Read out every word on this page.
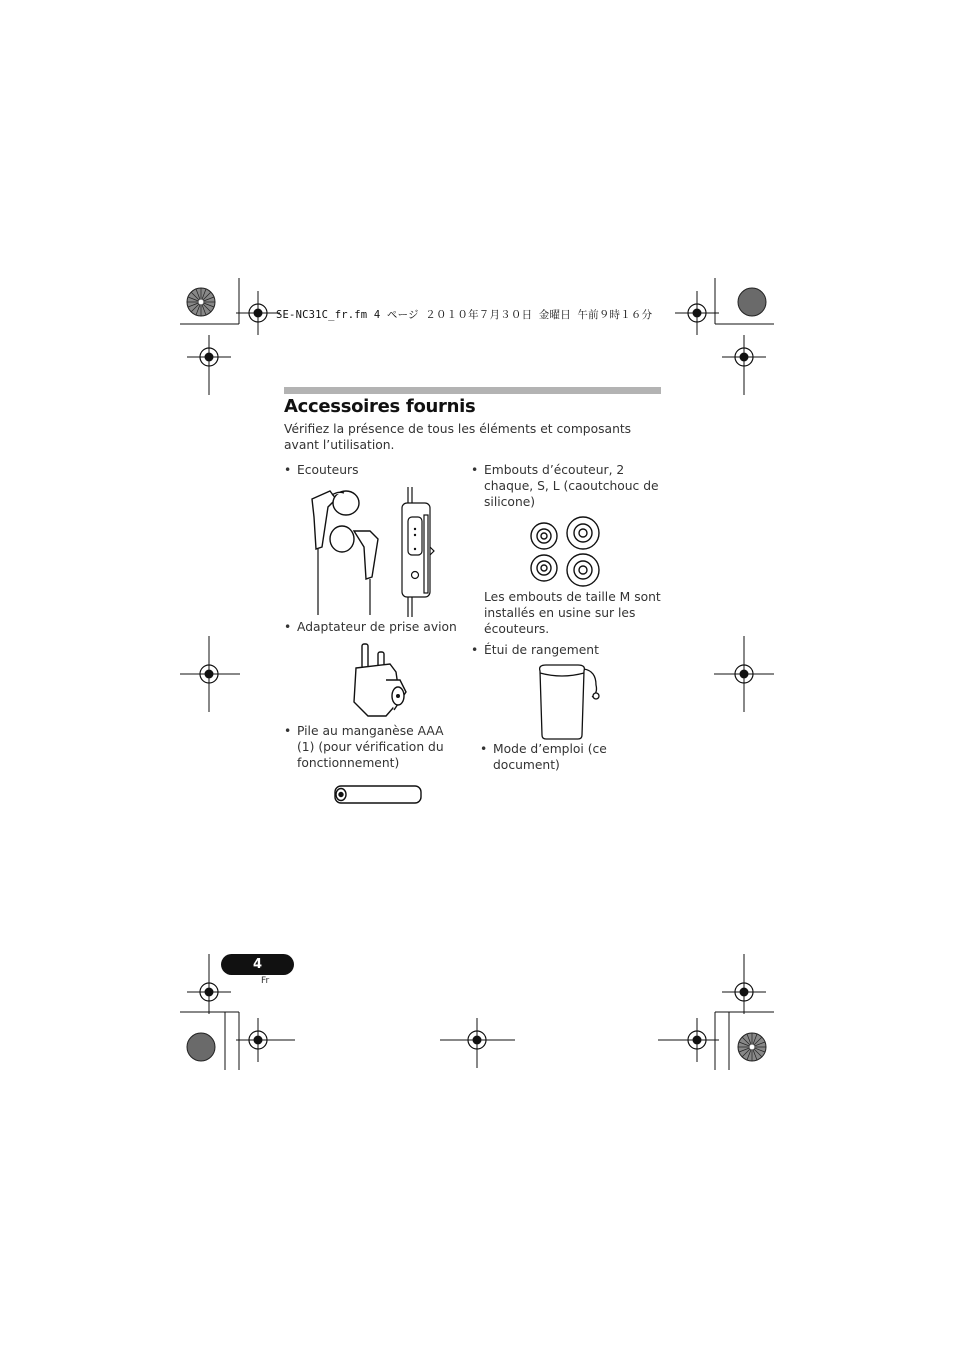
SE-NC31C_fr.fm 4 ページ ２０１０年７月３０日 金曜日 午前９時１６分
Accessoires fournis
Vérifiez la présence de tous les éléments et composants avant l’utilisation.
• Ecouteurs
• Adaptateur de prise avion
• Pile au manganèse AAA (1) (pour vérification du fonctionnement)
• Embouts d’écouteur, 2 chaque, S, L (caoutchouc de silicone)
Les embouts de taille M sont installés en usine sur les écouteurs.
• Étui de rangement
• Mode d’emploi (ce document)
4
Fr
